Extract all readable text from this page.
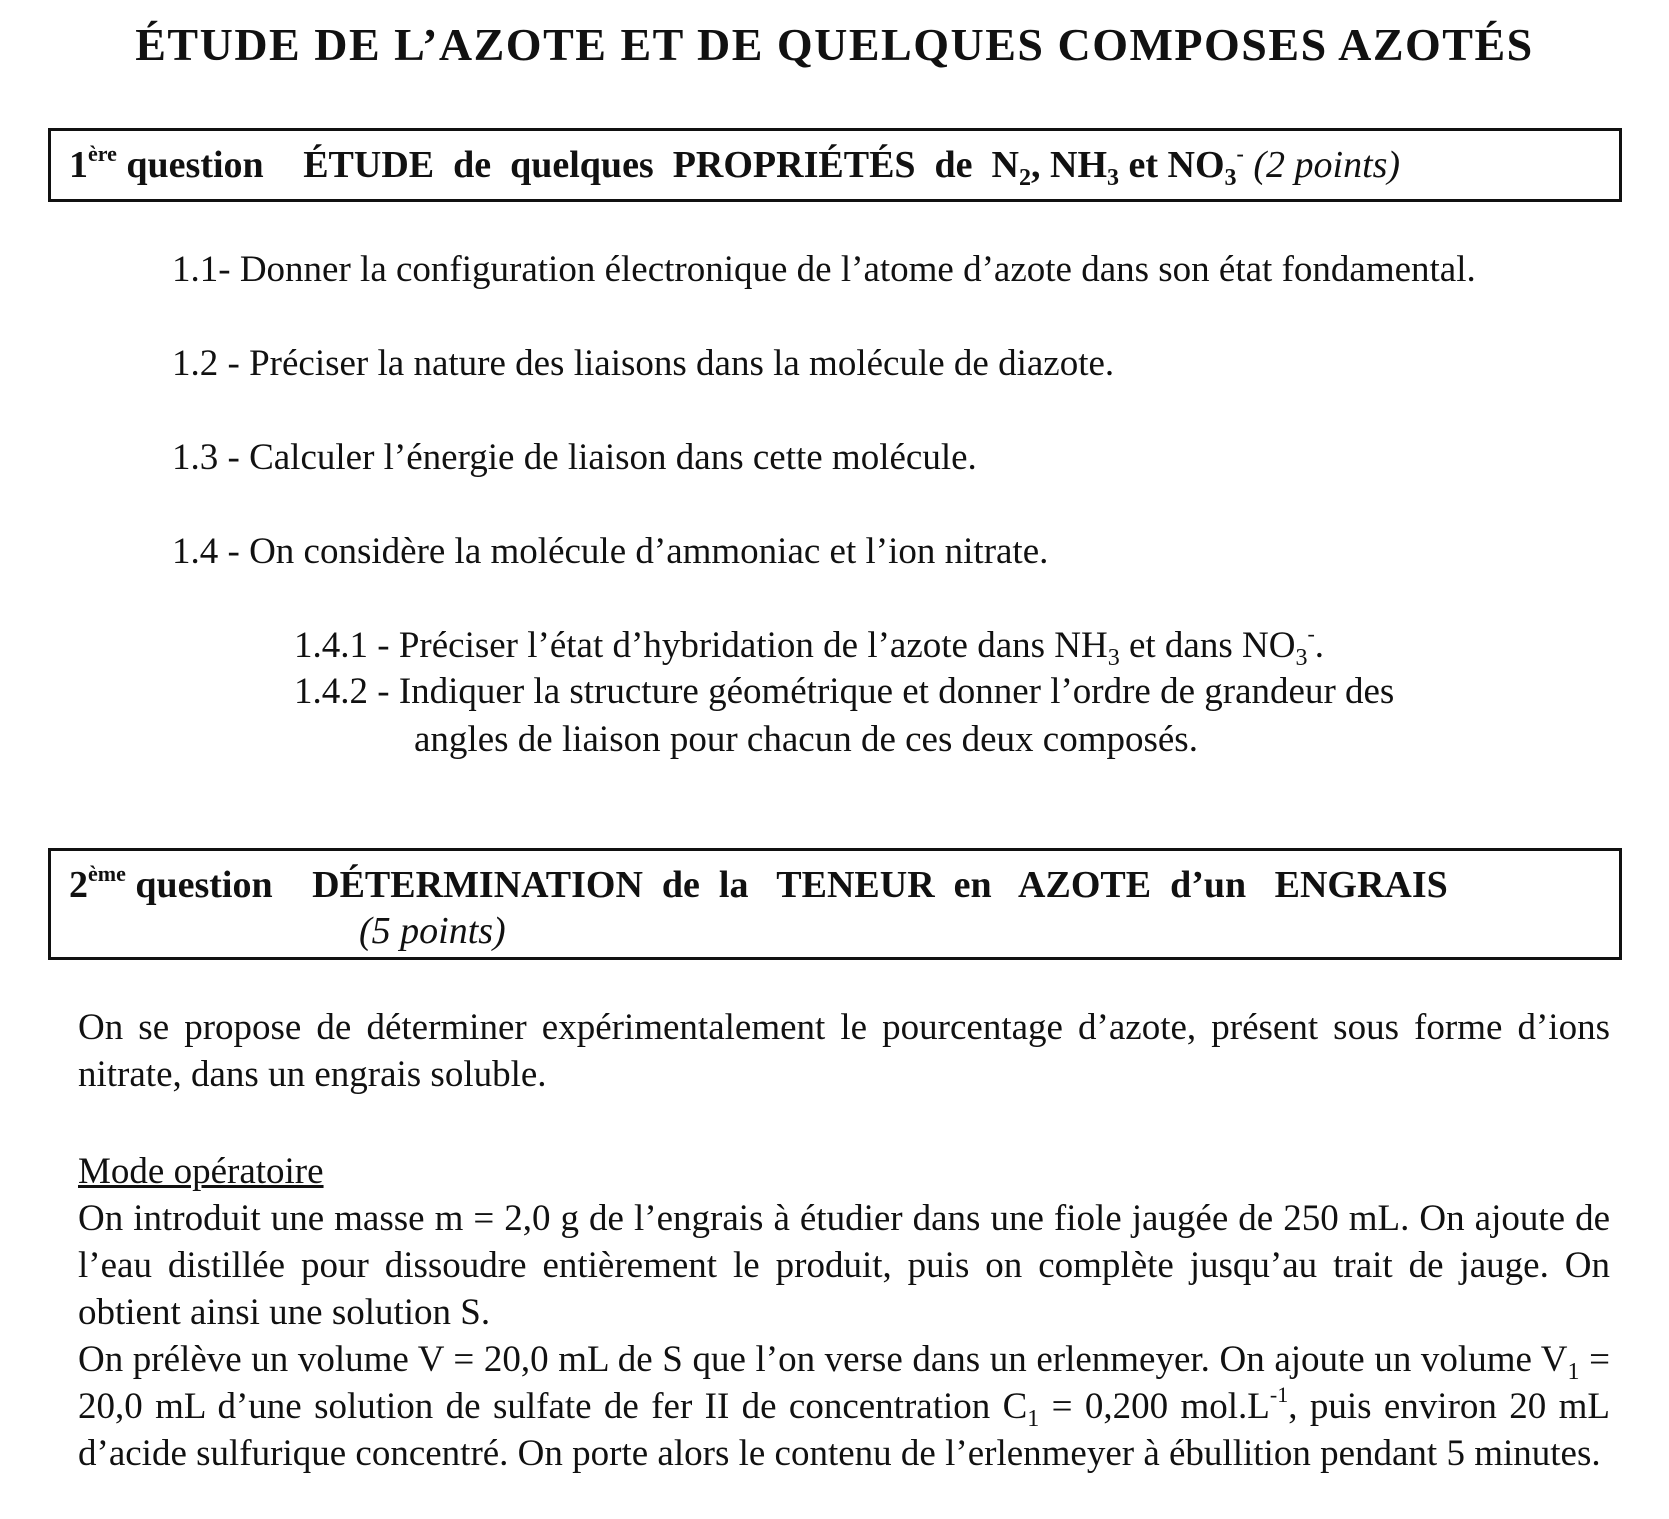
ÉTUDE DE L’AZOTE ET DE QUELQUES COMPOSES AZOTÉS
1ère question ÉTUDE  de  quelques  PROPRIÉTÉS  de  $N_2$, $NH_3$ et $NO_3^-$ (2 points)
1.1- Donner la configuration électronique de l’atome d’azote dans son état fondamental.
1.2 - Préciser la nature des liaisons dans la molécule de diazote.
1.3 - Calculer l’énergie de liaison dans cette molécule.
1.4 - On considère la molécule d’ammoniac et l’ion nitrate.
1.4.1 - Préciser l’état d’hybridation de l’azote dans $NH_3$ et dans $NO_3^-$.
1.4.2 - Indiquer la structure géométrique et donner l’ordre de grandeur des
angles de liaison pour chacun de ces deux composés.
2ème question DÉTERMINATION  de  la   TENEUR  en   AZOTE  d’un   ENGRAIS
(5 points)
On se propose de déterminer expérimentalement le pourcentage d’azote, présent sous forme d’ions nitrate, dans un engrais soluble.
Mode opératoire
On introduit une masse m = 2,0 g de l’engrais à étudier dans une fiole jaugée de 250 mL. On ajoute de l’eau distillée pour dissoudre entièrement le produit, puis on complète jusqu’au trait de jauge. On obtient ainsi une solution S.
On prélève un volume V = 20,0 mL de S que l’on verse dans un erlenmeyer. On ajoute un volume $V_1 = 20,0$ mL d’une solution de sulfate de fer II de concentration $C_1 = 0,200$ $mol.L^{-1}$, puis environ 20 mL d’acide sulfurique concentré. On porte alors le contenu de l’erlenmeyer à ébullition pendant 5 minutes.
